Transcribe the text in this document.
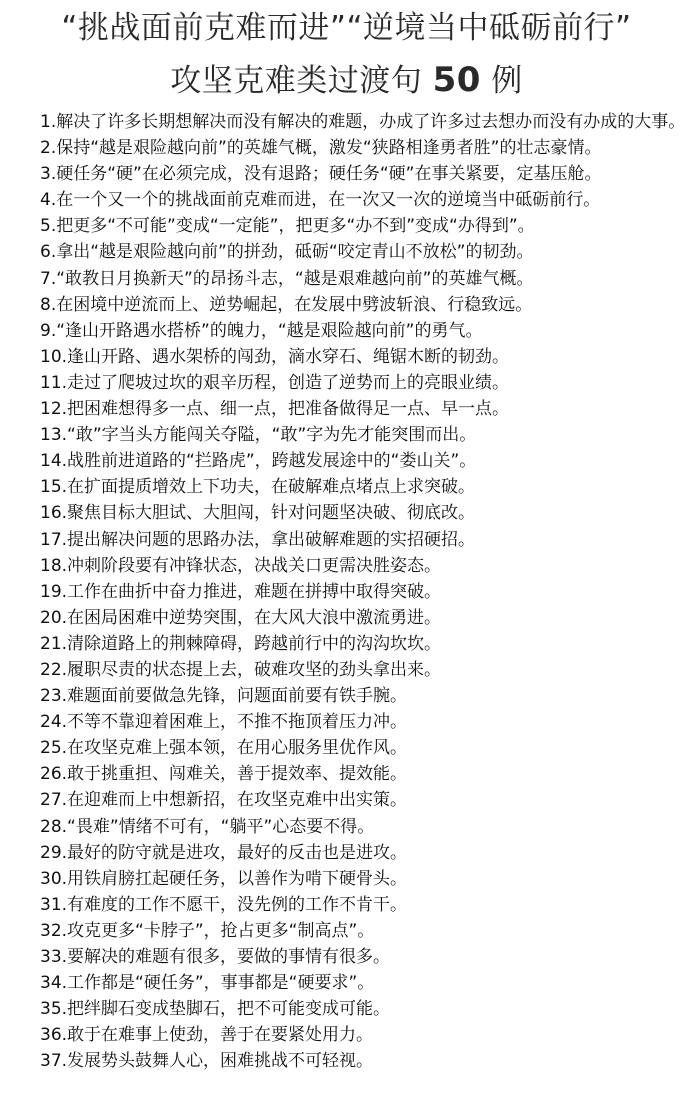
“挑战面前克难而进”“逆境当中砥砺前行”
攻坚克难类过渡句 50 例
1.解决了许多长期想解决而没有解决的难题，办成了许多过去想办而没有办成的大事。
2.保持“越是艰险越向前”的英雄气概，激发“狭路相逢勇者胜”的壮志豪情。
3.硬任务“硬”在必须完成，没有退路；硬任务“硬”在事关紧要，定基压舱。
4.在一个又一个的挑战面前克难而进，在一次又一次的逆境当中砥砺前行。
5.把更多“不可能”变成“一定能”，把更多“办不到”变成“办得到”。
6.拿出“越是艰险越向前”的拼劲，砥砺“咬定青山不放松”的韧劲。
7.“敢教日月换新天”的昂扬斗志，“越是艰难越向前”的英雄气概。
8.在困境中逆流而上、逆势崛起，在发展中劈波斩浪、行稳致远。
9.“逢山开路遇水搭桥”的魄力，“越是艰险越向前”的勇气。
10.逢山开路、遇水架桥的闯劲，滴水穿石、绳锯木断的韧劲。
11.走过了爬坡过坎的艰辛历程，创造了逆势而上的亮眼业绩。
12.把困难想得多一点、细一点，把准备做得足一点、早一点。
13.“敢”字当头方能闯关夺隘，“敢”字为先才能突围而出。
14.战胜前进道路的“拦路虎”，跨越发展途中的“娄山关”。
15.在扩面提质增效上下功夫，在破解难点堵点上求突破。
16.聚焦目标大胆试、大胆闯，针对问题坚决破、彻底改。
17.提出解决问题的思路办法，拿出破解难题的实招硬招。
18.冲刺阶段要有冲锋状态，决战关口更需决胜姿态。
19.工作在曲折中奋力推进，难题在拼搏中取得突破。
20.在困局困难中逆势突围，在大风大浪中激流勇进。
21.清除道路上的荆棘障碍，跨越前行中的沟沟坎坎。
22.履职尽责的状态提上去，破难攻坚的劲头拿出来。
23.难题面前要做急先锋，问题面前要有铁手腕。
24.不等不靠迎着困难上，不推不拖顶着压力冲。
25.在攻坚克难上强本领，在用心服务里优作风。
26.敢于挑重担、闯难关，善于提效率、提效能。
27.在迎难而上中想新招，在攻坚克难中出实策。
28.“畏难”情绪不可有，“躺平”心态要不得。
29.最好的防守就是进攻，最好的反击也是进攻。
30.用铁肩膀扛起硬任务，以善作为啃下硬骨头。
31.有难度的工作不愿干，没先例的工作不肯干。
32.攻克更多“卡脖子”，抢占更多“制高点”。
33.要解决的难题有很多，要做的事情有很多。
34.工作都是“硬任务”，事事都是“硬要求”。
35.把绊脚石变成垫脚石，把不可能变成可能。
36.敢于在难事上使劲，善于在要紧处用力。
37.发展势头鼓舞人心，困难挑战不可轻视。
